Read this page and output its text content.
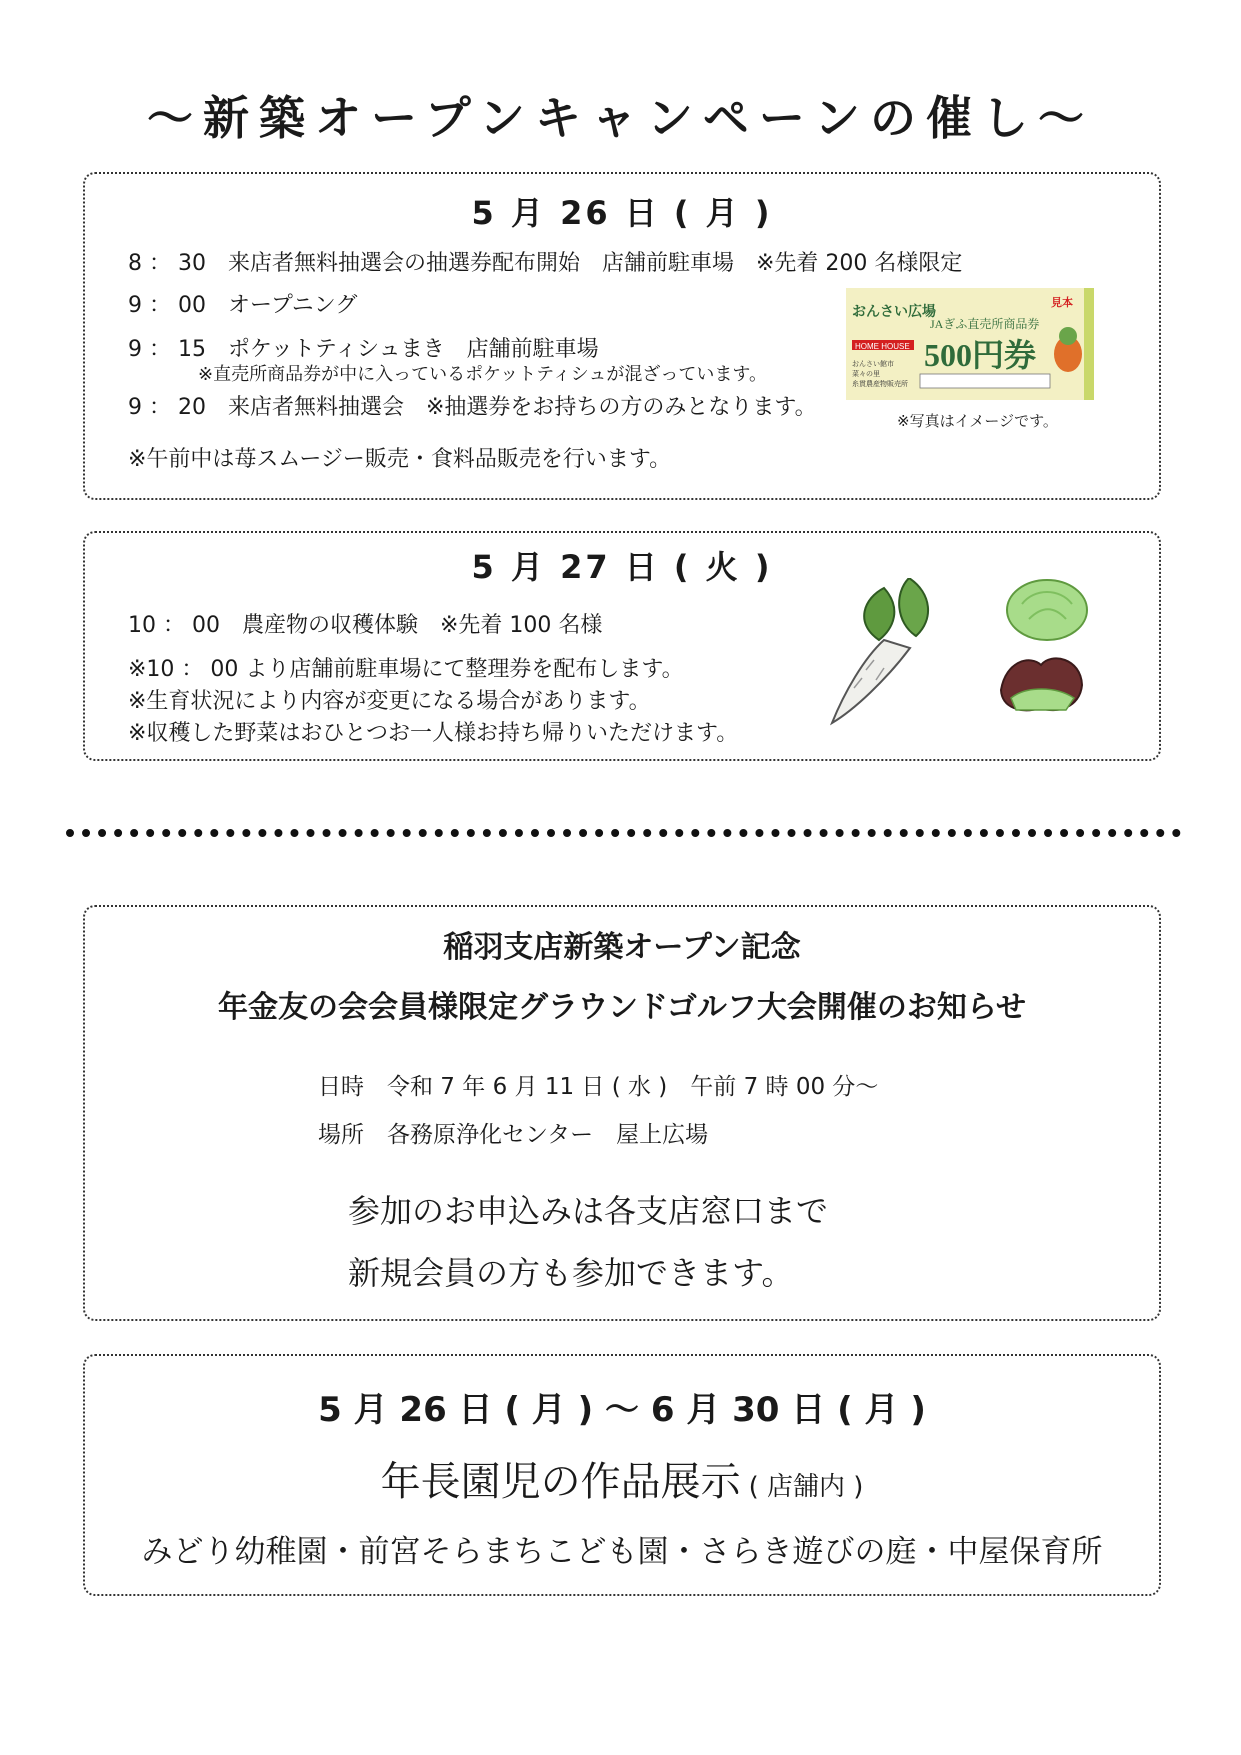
～新築オープンキャンペーンの催し～
5 月 26 日 ( 月 )
8 ： 30　来店者無料抽選会の抽選券配布開始　店舗前駐車場　※先着 200 名様限定
9 ： 00　オープニング
9 ： 15　ポケットティシュまき　店舗前駐車場
※直売所商品券が中に入っているポケットティシュが混ざっています。
9 ： 20　来店者無料抽選会　※抽選券をお持ちの方のみとなります。
※午前中は苺スムージー販売・食料品販売を行います。
おんさい広場
HOME HOUSE
おんさい館市
菜々の里
糸貫農産物販売所
見本
JAぎふ直売所商品券
500円券
※写真はイメージです。
5 月 27 日 ( 火 )
10 ： 00　農産物の収穫体験　※先着 100 名様
※10 ： 00 より店舗前駐車場にて整理券を配布します。
※生育状況により内容が変更になる場合があります。
※収穫した野菜はおひとつお一人様お持ち帰りいただけます。
稲羽支店新築オープン記念
年金友の会会員様限定グラウンドゴルフ大会開催のお知らせ
日時　令和 7 年 6 月 11 日 ( 水 )　午前 7 時 00 分～
場所　各務原浄化センター　屋上広場
参加のお申込みは各支店窓口まで
新規会員の方も参加できます。
5 月 26 日 ( 月 ) ～ 6 月 30 日 ( 月 )
年長園児の作品展示 ( 店舗内 )
みどり幼稚園・前宮そらまちこども園・さらき遊びの庭・中屋保育所
